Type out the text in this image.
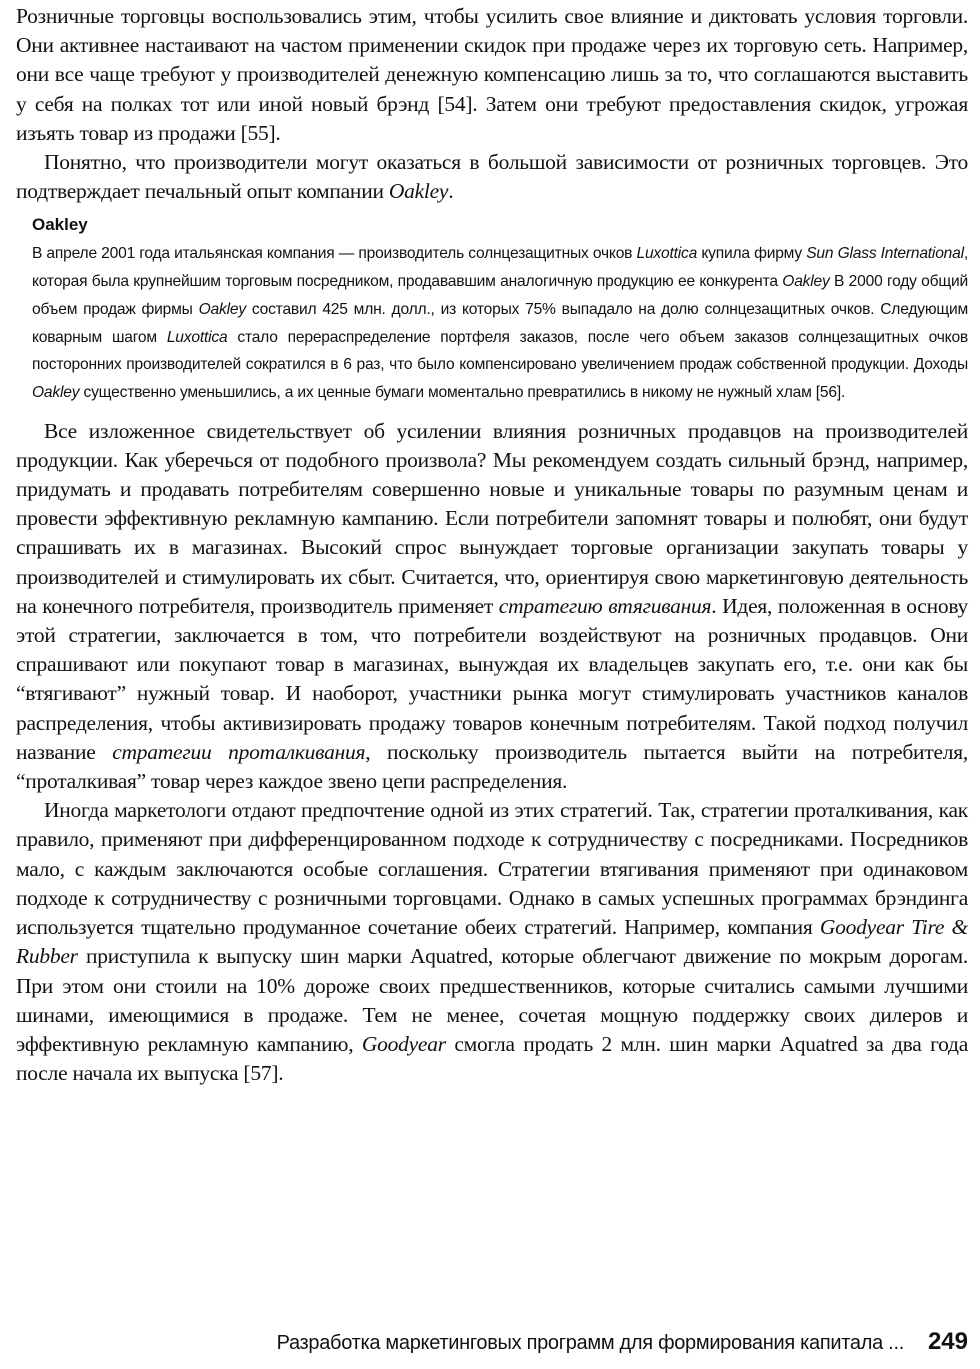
Розничные торговцы воспользовались этим, чтобы усилить свое влияние и диктовать условия торговли. Они активнее настаивают на частом применении скидок при продаже через их торговую сеть. Например, они все чаще требуют у производителей денежную компенсацию лишь за то, что соглашаются выставить у себя на полках тот или иной новый брэнд [54]. Затем они требуют предоставления скидок, угрожая изъять товар из продажи [55].

Понятно, что производители могут оказаться в большой зависимости от розничных торговцев. Это подтверждает печальный опыт компании Oakley.

Oakley

В апреле 2001 года итальянская компания — производитель солнцезащитных очков Luxottica купила фирму Sun Glass International, которая была крупнейшим торговым посредником, продававшим аналогичную продукцию ее конкурента Oakley В 2000 году общий объем продаж фирмы Oakley составил 425 млн. долл., из которых 75% выпадало на долю солнцезащитных очков. Следующим коварным шагом Luxottica стало перераспределение портфеля заказов, после чего объем заказов солнцезащитных очков посторонних производителей сократился в 6 раз, что было компенсировано увеличением продаж собственной продукции. Доходы Oakley существенно уменьшились, а их ценные бумаги моментально превратились в никому не нужный хлам [56].

Все изложенное свидетельствует об усилении влияния розничных продавцов на производителей продукции. Как уберечься от подобного произвола? Мы рекомендуем создать сильный брэнд, например, придумать и продавать потребителям совершенно новые и уникальные товары по разумным ценам и провести эффективную рекламную кампанию. Если потребители запомнят товары и полюбят, они будут спрашивать их в магазинах. Высокий спрос вынуждает торговые организации закупать товары у производителей и стимулировать их сбыт. Считается, что, ориентируя свою маркетинговую деятельность на конечного потребителя, производитель применяет стратегию втягивания. Идея, положенная в основу этой стратегии, заключается в том, что потребители воздействуют на розничных продавцов. Они спрашивают или покупают товар в магазинах, вынуждая их владельцев закупать его, т.е. они как бы “втягивают” нужный товар. И наоборот, участники рынка могут стимулировать участников каналов распределения, чтобы активизировать продажу товаров конечным потребителям. Такой подход получил название стратегии проталкивания, поскольку производитель пытается выйти на потребителя, “проталкивая” товар через каждое звено цепи распределения.

Иногда маркетологи отдают предпочтение одной из этих стратегий. Так, стратегии проталкивания, как правило, применяют при дифференцированном подходе к сотрудничеству с посредниками. Посредников мало, с каждым заключаются особые соглашения. Стратегии втягивания применяют при одинаковом подходе к сотрудничеству с розничными торговцами. Однако в самых успешных программах брэндинга используется тщательно продуманное сочетание обеих стратегий. Например, компания Goodyear Tire & Rubber приступила к выпуску шин марки Aquatred, которые облегчают движение по мокрым дорогам. При этом они стоили на 10% дороже своих предшественников, которые считались самыми лучшими шинами, имеющимися в продаже. Тем не менее, сочетая мощную поддержку своих дилеров и эффективную рекламную кампанию, Goodyear смогла продать 2 млн. шин марки Aquatred за два года после начала их выпуска [57].

Разработка маркетинговых программ для формирования капитала ... 249
